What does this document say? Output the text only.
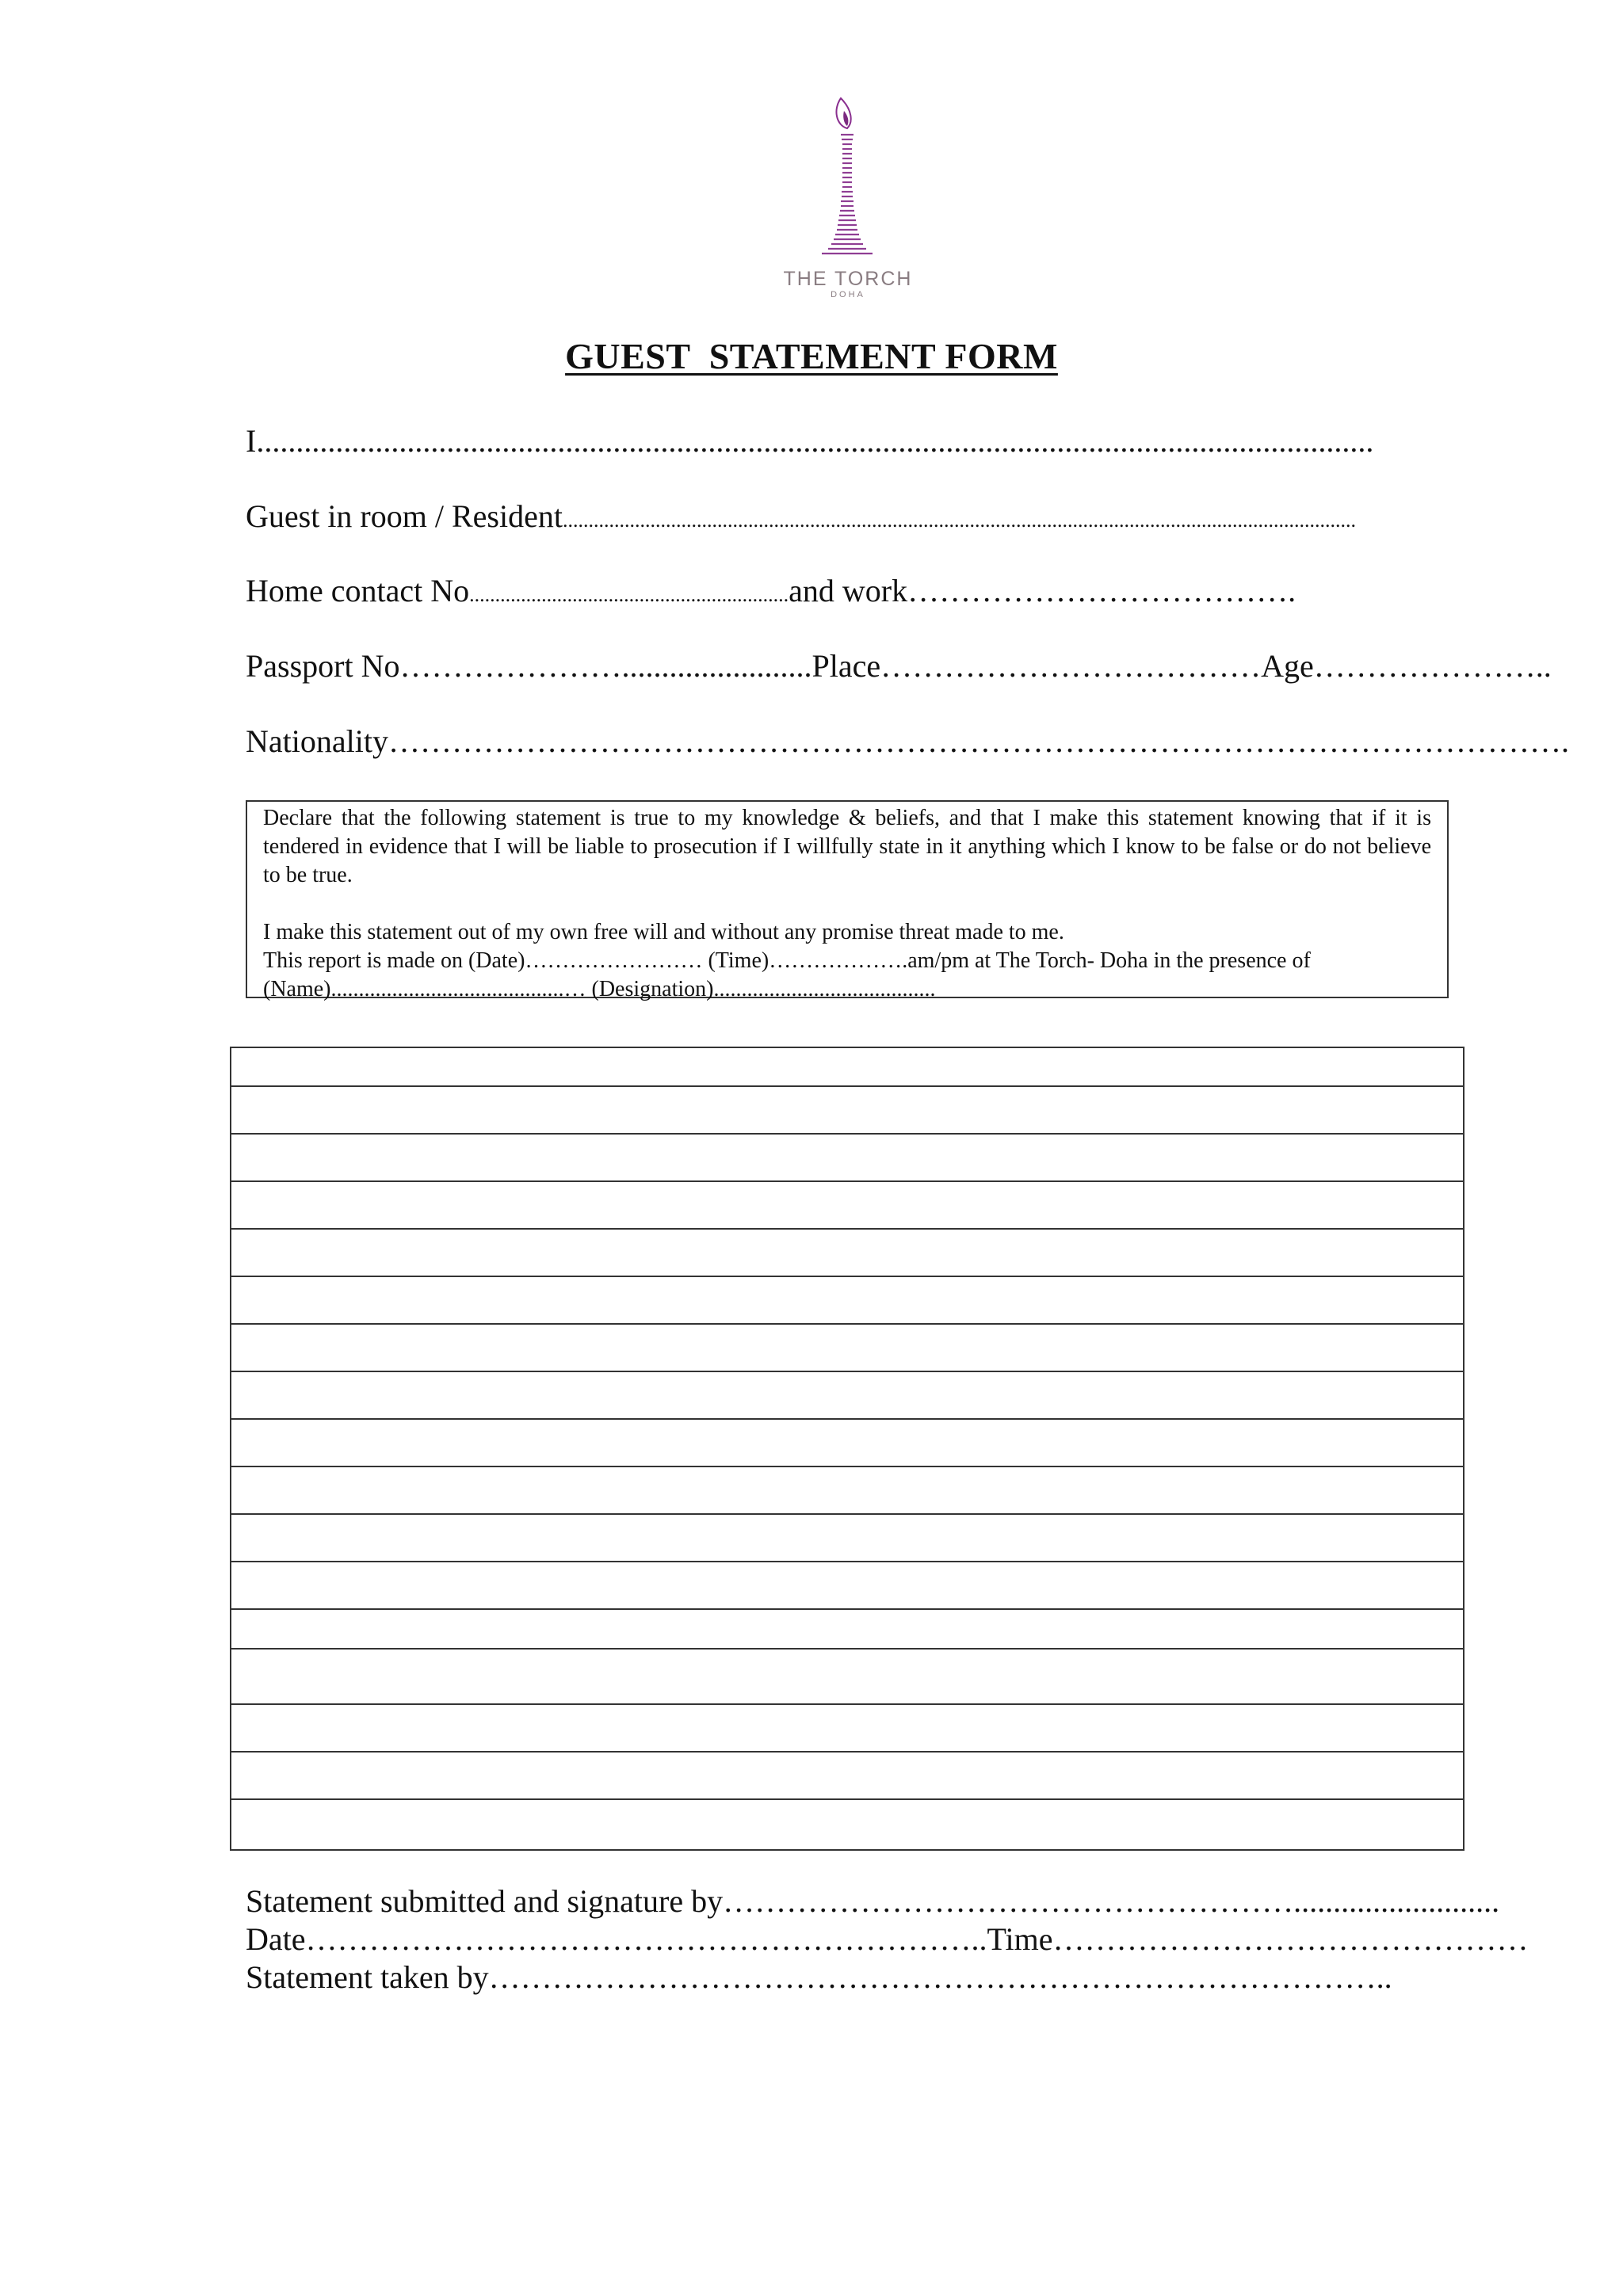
THE TORCH
DOHA
GUEST  STATEMENT FORM
I.............................................................................................................................................
Guest in room / Resident..........................................................................................................................................................
Home contact No..............................................................and work……………………………….
Passport No…………………........................Place………………………………Age…………………..
Nationality………………………………………………………………………………………………….

Declare that the following statement is true to my knowledge & beliefs, and that I make this statement knowing that if it is tendered in evidence that I will be liable to prosecution if I willfully state in it anything which I know to be false or do not believe to be true.

I make this statement out of my own free will and without any promise threat made to me.

This report is made on (Date)…………………… (Time)……………….am/pm at The Torch- Doha in the presence of

(Name)..........................................… (Designation)........................................

Statement submitted and signature by………………………………………………..........................
Date………………………………………………………..Time………………………………………
Statement taken by…………………………………………………………………………..
